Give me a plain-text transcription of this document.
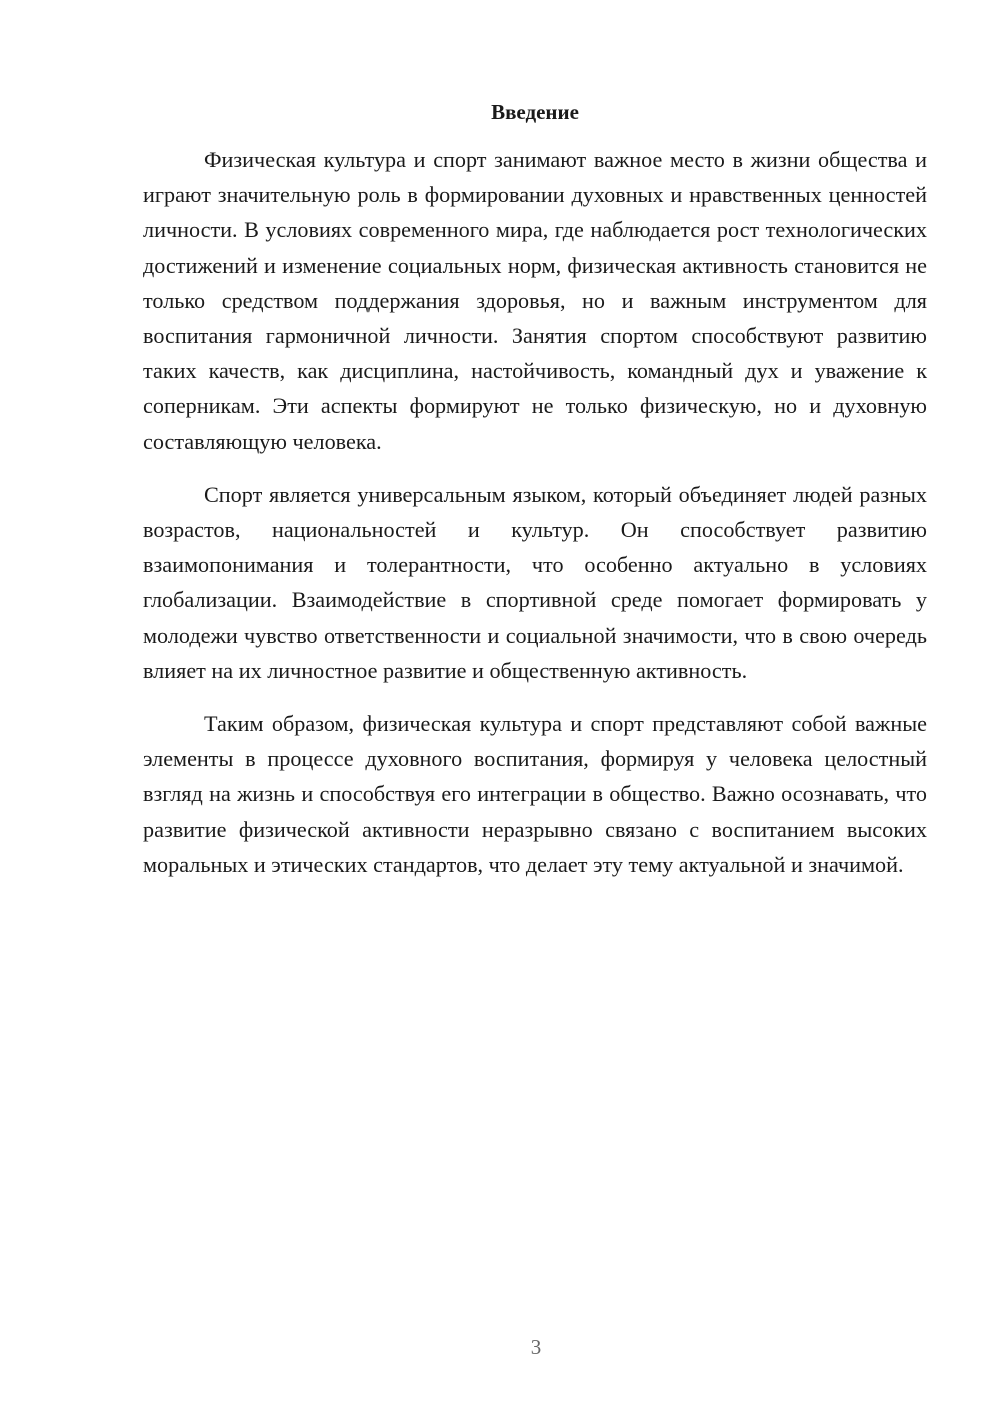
Введение

Физическая культура и спорт занимают важное место в жизни общества и играют значительную роль в формировании духовных и нравственных ценностей личности. В условиях современного мира, где наблюдается рост технологических достижений и изменение социальных норм, физическая активность становится не только средством поддержания здоровья, но и важным инструментом для воспитания гармоничной личности. Занятия спортом способствуют развитию таких качеств, как дисциплина, настойчивость, командный дух и уважение к соперникам. Эти аспекты формируют не только физическую, но и духовную составляющую человека.

Спорт является универсальным языком, который объединяет людей разных возрастов, национальностей и культур. Он способствует развитию взаимопонимания и толерантности, что особенно актуально в условиях глобализации. Взаимодействие в спортивной среде помогает формировать у молодежи чувство ответственности и социальной значимости, что в свою очередь влияет на их личностное развитие и общественную активность.

Таким образом, физическая культура и спорт представляют собой важные элементы в процессе духовного воспитания, формируя у человека целостный взгляд на жизнь и способствуя его интеграции в общество. Важно осознавать, что развитие физической активности неразрывно связано с воспитанием высоких моральных и этических стандартов, что делает эту тему актуальной и значимой.

3
